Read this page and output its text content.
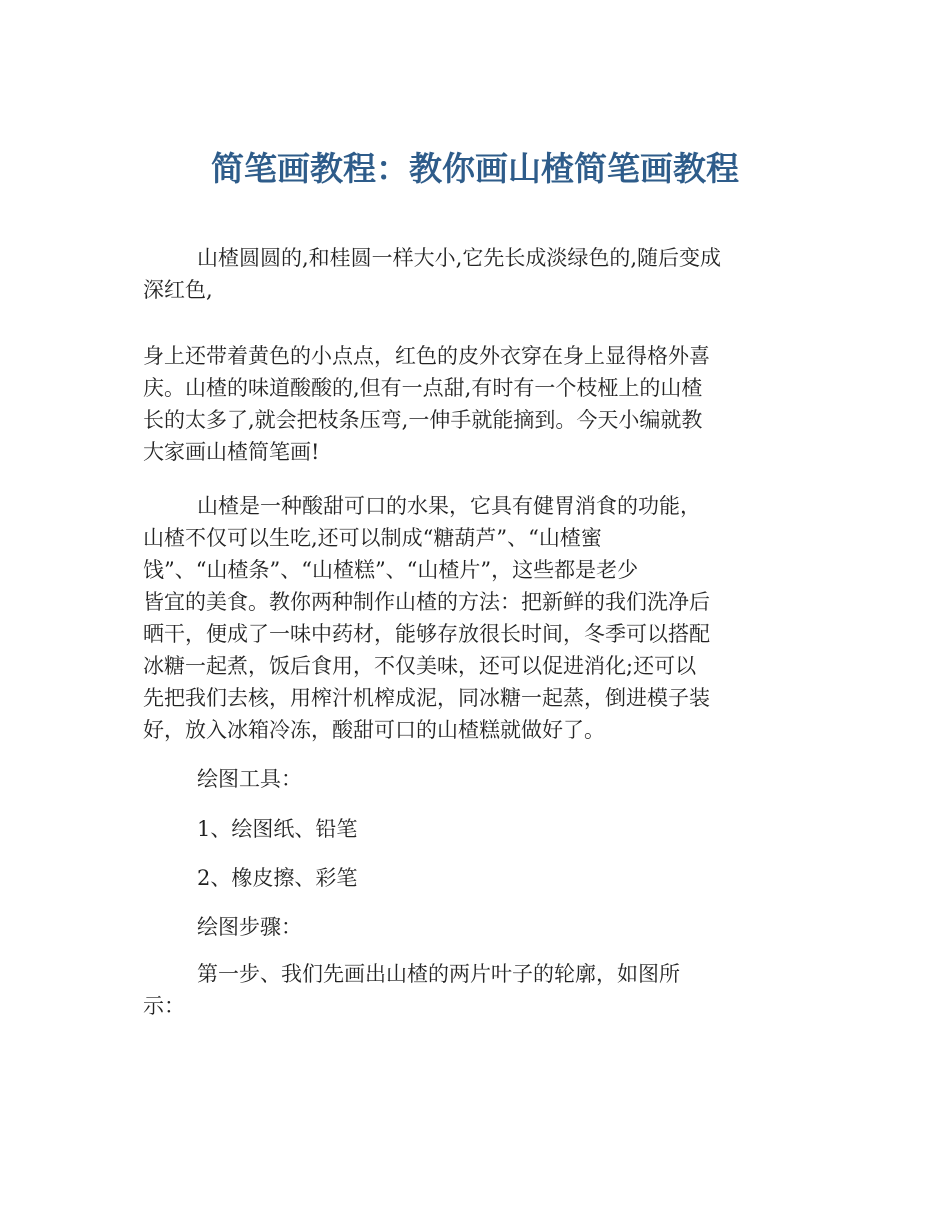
简笔画教程：教你画山楂简笔画教程
山楂圆圆的,和桂圆一样大小,它先长成淡绿色的,随后变成
深红色,
身上还带着黄色的小点点，红色的皮外衣穿在身上显得格外喜
庆。山楂的味道酸酸的,但有一点甜,有时有一个枝桠上的山楂
长的太多了,就会把枝条压弯,一伸手就能摘到。今天小编就教
大家画山楂简笔画!
山楂是一种酸甜可口的水果，它具有健胃消食的功能，
山楂不仅可以生吃,还可以制成“糖葫芦”、“山楂蜜
饯”、“山楂条”、“山楂糕”、“山楂片”，这些都是老少
皆宜的美食。教你两种制作山楂的方法：把新鲜的我们洗净后
晒干，便成了一味中药材，能够存放很长时间，冬季可以搭配
冰糖一起煮，饭后食用，不仅美味，还可以促进消化;还可以
先把我们去核，用榨汁机榨成泥，同冰糖一起蒸，倒进模子装
好，放入冰箱冷冻，酸甜可口的山楂糕就做好了。
绘图工具：
1、绘图纸、铅笔
2、橡皮擦、彩笔
绘图步骤：
第一步、我们先画出山楂的两片叶子的轮廓，如图所
示：
